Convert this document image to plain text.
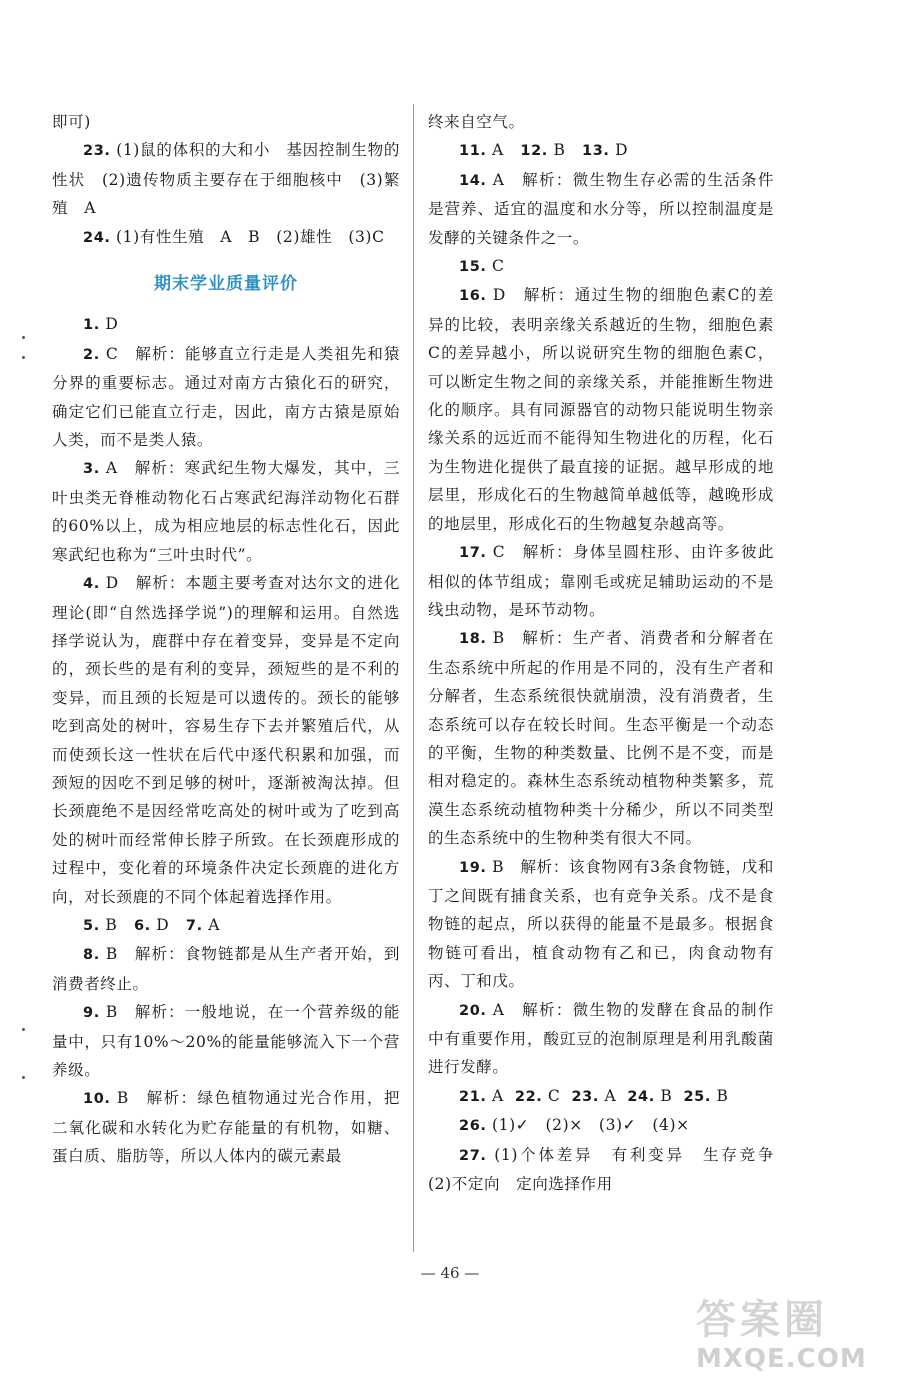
即可)

23. (1)鼠的体积的大和小　基因控制生物的性状　(2)遗传物质主要存在于细胞核中　(3)繁殖　A

24. (1)有性生殖　A　B　(2)雄性　(3)C

期末学业质量评价

1. D

2. C　解析：能够直立行走是人类祖先和猿分界的重要标志。通过对南方古猿化石的研究，确定它们已能直立行走，因此，南方古猿是原始人类，而不是类人猿。

3. A　解析：寒武纪生物大爆发，其中，三叶虫类无脊椎动物化石占寒武纪海洋动物化石群的60%以上，成为相应地层的标志性化石，因此寒武纪也称为“三叶虫时代”。

4. D　解析：本题主要考查对达尔文的进化理论(即“自然选择学说”)的理解和运用。自然选择学说认为，鹿群中存在着变异，变异是不定向的，颈长些的是有利的变异，颈短些的是不利的变异，而且颈的长短是可以遗传的。颈长的能够吃到高处的树叶，容易生存下去并繁殖后代，从而使颈长这一性状在后代中逐代积累和加强，而颈短的因吃不到足够的树叶，逐渐被淘汰掉。但长颈鹿绝不是因经常吃高处的树叶或为了吃到高处的树叶而经常伸长脖子所致。在长颈鹿形成的过程中，变化着的环境条件决定长颈鹿的进化方向，对长颈鹿的不同个体起着选择作用。

5. B 6. D 7. A

8. B　解析：食物链都是从生产者开始，到消费者终止。

9. B　解析：一般地说，在一个营养级的能量中，只有10%～20%的能量能够流入下一个营养级。

10. B　解析：绿色植物通过光合作用，把二氧化碳和水转化为贮存能量的有机物，如糖、蛋白质、脂肪等，所以人体内的碳元素最

终来自空气。

11. A 12. B 13. D

14. A　解析：微生物生存必需的生活条件是营养、适宜的温度和水分等，所以控制温度是发酵的关键条件之一。

15. C

16. D　解析：通过生物的细胞色素C的差异的比较，表明亲缘关系越近的生物，细胞色素C的差异越小，所以说研究生物的细胞色素C，可以断定生物之间的亲缘关系，并能推断生物进化的顺序。具有同源器官的动物只能说明生物亲缘关系的远近而不能得知生物进化的历程，化石为生物进化提供了最直接的证据。越早形成的地层里，形成化石的生物越简单越低等，越晚形成的地层里，形成化石的生物越复杂越高等。

17. C　解析：身体呈圆柱形、由许多彼此相似的体节组成；靠刚毛或疣足辅助运动的不是线虫动物，是环节动物。

18. B　解析：生产者、消费者和分解者在生态系统中所起的作用是不同的，没有生产者和分解者，生态系统很快就崩溃，没有消费者，生态系统可以存在较长时间。生态平衡是一个动态的平衡，生物的种类数量、比例不是不变，而是相对稳定的。森林生态系统动植物种类繁多，荒漠生态系统动植物种类十分稀少，所以不同类型的生态系统中的生物种类有很大不同。

19. B　解析：该食物网有3条食物链，戊和丁之间既有捕食关系，也有竞争关系。戊不是食物链的起点，所以获得的能量不是最多。根据食物链可看出，植食动物有乙和已，肉食动物有丙、丁和戊。

20. A　解析：微生物的发酵在食品的制作中有重要作用，酸豇豆的泡制原理是利用乳酸菌进行发酵。

21. A 22. C 23. A 24. B 25. B

26. (1)✓　(2)×　(3)✓　(4)×

27. (1)个体差异　有利变异　生存竞争　(2)不定向　定向选择作用

— 46 —
答案圈
MXQE.COM
